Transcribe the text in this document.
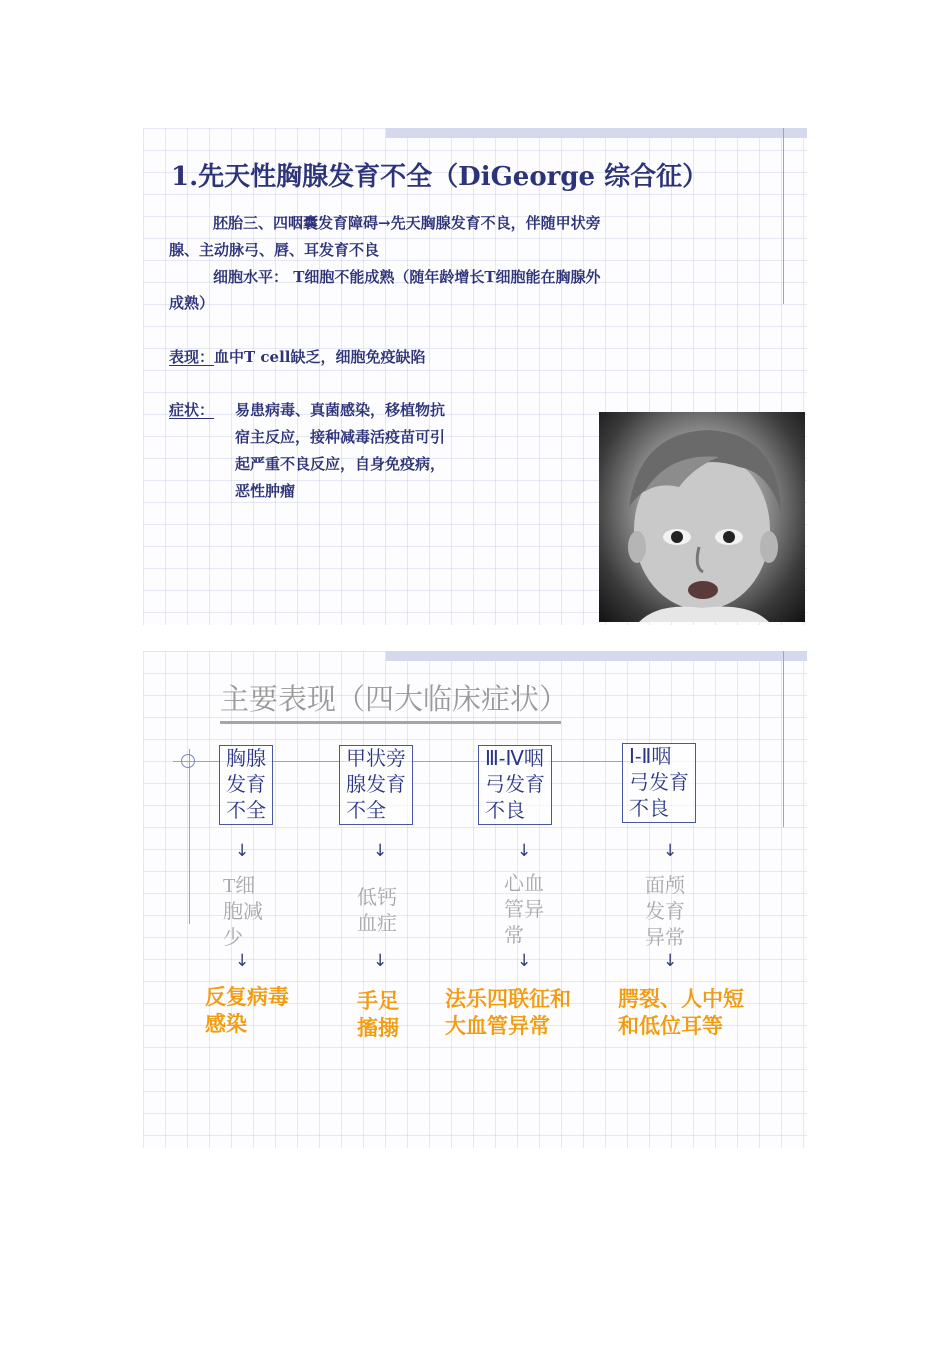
1.先天性胸腺发育不全（DiGeorge 综合征）
胚胎三、四咽囊发育障碍→先天胸腺发育不良，伴随甲状旁
腺、主动脉弓、唇、耳发育不良
细胞水平： T细胞不能成熟（随年龄增长T细胞能在胸腺外
成熟）
表现：血中T cell缺乏，细胞免疫缺陷
症状： 易患病毒、真菌感染，移植物抗
宿主反应，接种减毒活疫苗可引
起严重不良反应，自身免疫病，
恶性肿瘤
主要表现（四大临床症状）
胸腺
发育
不全
↓
T细
胞减
少
↓
反复病毒
感染
甲状旁
腺发育
不全
↓
低钙
血症
↓
手足
搐搦
Ⅲ-Ⅳ咽
弓发育
不良
↓
心血
管异
常
↓
法乐四联征和
大血管异常
Ⅰ-Ⅱ咽
弓发育
不良
↓
面颅
发育
异常
↓
腭裂、人中短
和低位耳等
